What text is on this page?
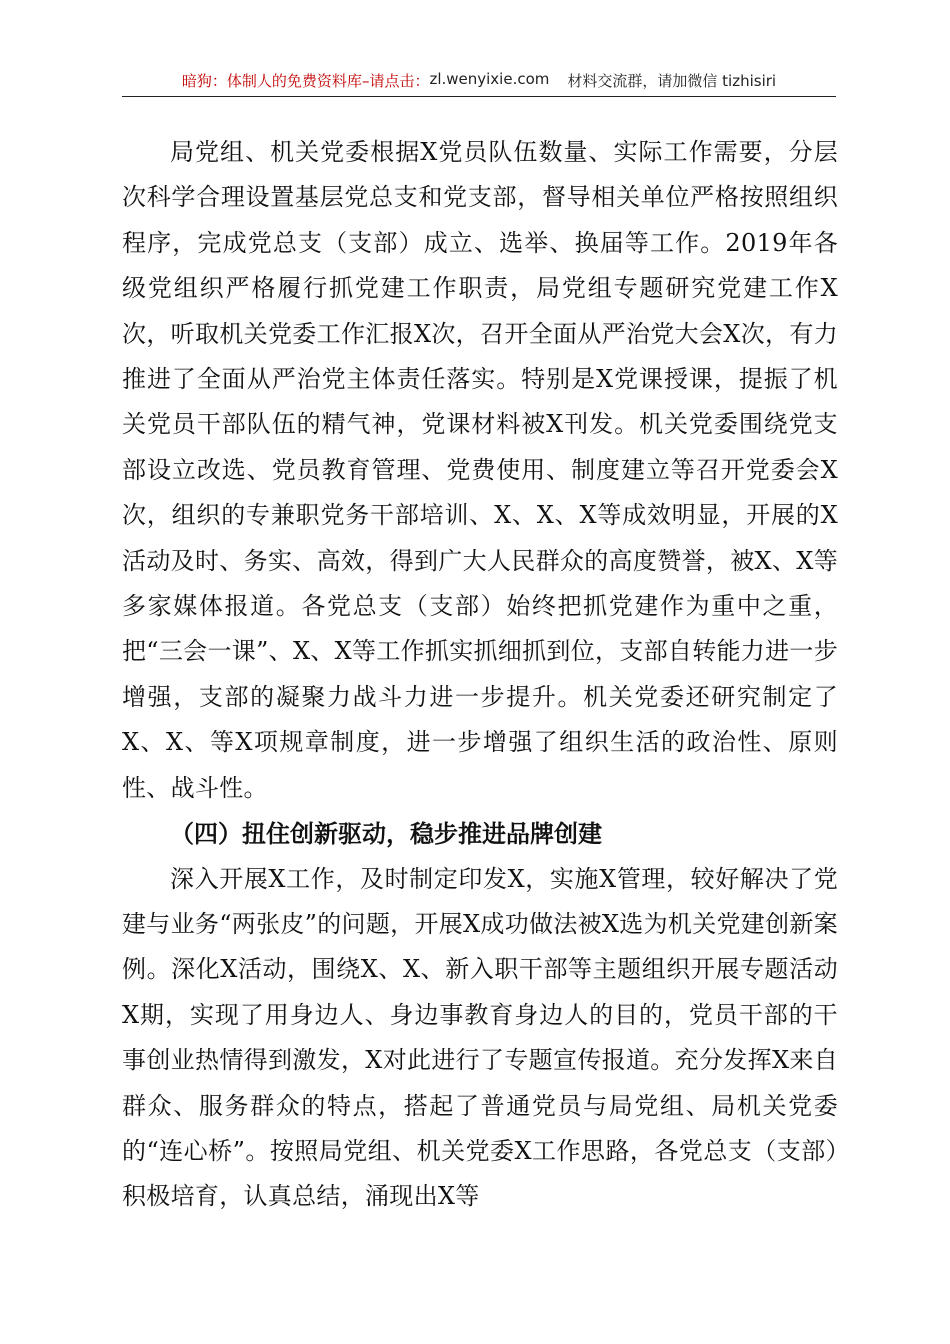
暗狗：体制人的免费资料库 –请点击： zl.wenyixie.com 材料交流群，请加微信 tizhisiri

局党组、机关党委根据X党员队伍数量、实际工作需要，分层次科学合理设置基层党总支和党支部，督导相关单位严格按照组织程序，完成党总支（支部）成立、选举、换届等工作。2019年各级党组织严格履行抓党建工作职责，局党组专题研究党建工作X次，听取机关党委工作汇报X次，召开全面从严治党大会X次，有力推进了全面从严治党主体责任落实。特别是X党课授课，提振了机关党员干部队伍的精气神，党课材料被X刊发。机关党委围绕党支部设立改选、党员教育管理、党费使用、制度建立等召开党委会X次，组织的专兼职党务干部培训、X、X、X等成效明显，开展的X活动及时、务实、高效，得到广大人民群众的高度赞誉，被X、X等多家媒体报道。各党总支（支部）始终把抓党建作为重中之重，把“三会一课”、X、X等工作抓实抓细抓到位，支部自转能力进一步增强，支部的凝聚力战斗力进一步提升。机关党委还研究制定了X、X、等X项规章制度，进一步增强了组织生活的政治性、原则性、战斗性。

（四）扭住创新驱动，稳步推进品牌创建

深入开展X工作，及时制定印发X，实施X管理，较好解决了党建与业务“两张皮”的问题，开展X成功做法被X选为机关党建创新案例。深化X活动，围绕X、X、新入职干部等主题组织开展专题活动X期，实现了用身边人、身边事教育身边人的目的，党员干部的干事创业热情得到激发，X对此进行了专题宣传报道。充分发挥X来自群众、服务群众的特点，搭起了普通党员与局党组、局机关党委的“连心桥”。按照局党组、机关党委X工作思路，各党总支（支部）积极培育，认真总结，涌现出X等
